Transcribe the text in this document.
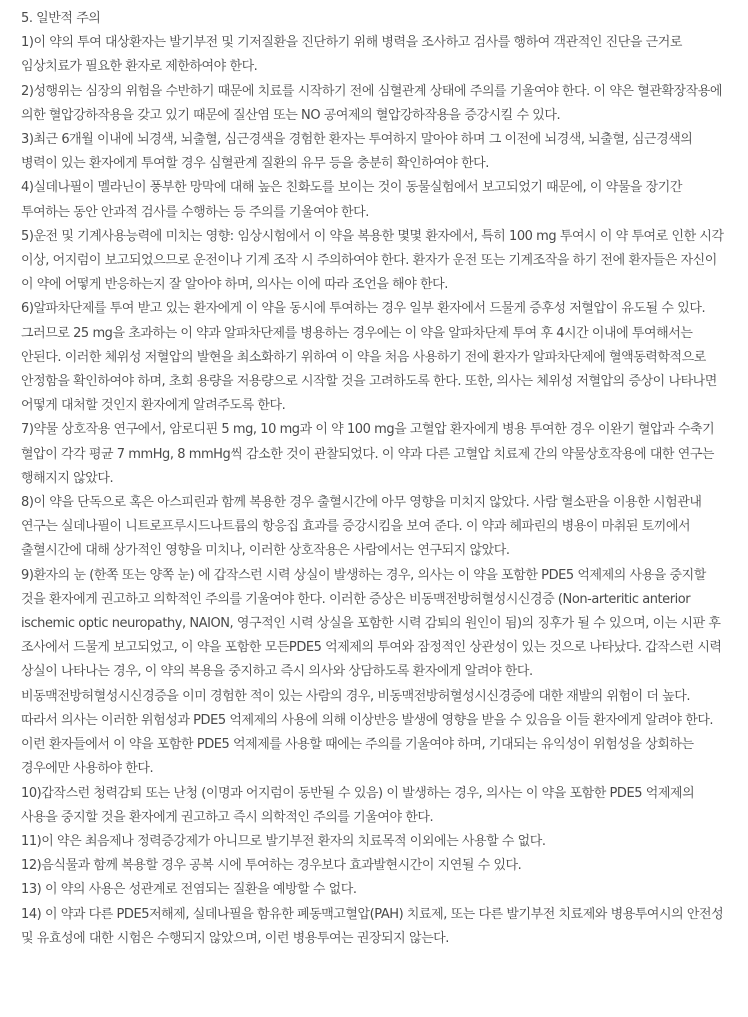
5. 일반적 주의

1)이 약의 투여 대상환자는 발기부전 및 기저질환을 진단하기 위해 병력을 조사하고 검사를 행하여 객관적인 진단을 근거로 임상치료가 필요한 환자로 제한하여야 한다.

2)성행위는 심장의 위험을 수반하기 때문에 치료를 시작하기 전에 심혈관계 상태에 주의를 기울여야 한다. 이 약은 혈관확장작용에 의한 혈압강하작용을 갖고 있기 때문에 질산염 또는 NO 공여제의 혈압강하작용을 증강시킬 수 있다.

3)최근 6개월 이내에 뇌경색, 뇌출혈, 심근경색을 경험한 환자는 투여하지 말아야 하며 그 이전에 뇌경색, 뇌출혈, 심근경색의 병력이 있는 환자에게 투여할 경우 심혈관계 질환의 유무 등을 충분히 확인하여야 한다.

4)실데나필이 멜라닌이 풍부한 망막에 대해 높은 친화도를 보이는 것이 동물실험에서 보고되었기 때문에, 이 약물을 장기간 투여하는 동안 안과적 검사를 수행하는 등 주의를 기울여야 한다.

5)운전 및 기계사용능력에 미치는 영향: 임상시험에서 이 약을 복용한 몇몇 환자에서, 특히 100 mg 투여시 이 약 투여로 인한 시각 이상, 어지럼이 보고되었으므로 운전이나 기계 조작 시 주의하여야 한다. 환자가 운전 또는 기계조작을 하기 전에 환자들은 자신이 이 약에 어떻게 반응하는지 잘 알아야 하며, 의사는 이에 따라 조언을 해야 한다.

6)알파차단제를 투여 받고 있는 환자에게 이 약을 동시에 투여하는 경우 일부 환자에서 드물게 증후성 저혈압이 유도될 수 있다. 그러므로 25 mg을 초과하는 이 약과 알파차단제를 병용하는 경우에는 이 약을 알파차단제 투여 후 4시간 이내에 투여해서는 안된다. 이러한 체위성 저혈압의 발현을 최소화하기 위하여 이 약을 처음 사용하기 전에 환자가 알파차단제에 혈액동력학적으로 안정함을 확인하여야 하며, 초회 용량을 저용량으로 시작할 것을 고려하도록 한다. 또한, 의사는 체위성 저혈압의 증상이 나타나면 어떻게 대처할 것인지 환자에게 알려주도록 한다.

7)약물 상호작용 연구에서, 암로디핀 5 mg, 10 mg과 이 약 100 mg을 고혈압 환자에게 병용 투여한 경우 이완기 혈압과 수축기 혈압이 각각 평균 7 mmHg, 8 mmHg씩 감소한 것이 관찰되었다. 이 약과 다른 고혈압 치료제 간의 약물상호작용에 대한 연구는 행해지지 않았다.

8)이 약을 단독으로 혹은 아스피린과 함께 복용한 경우 출혈시간에 아무 영향을 미치지 않았다. 사람 혈소판을 이용한 시험관내 연구는 실데나필이 니트로프루시드나트륨의 항응집 효과를 증강시킴을 보여 준다. 이 약과 헤파린의 병용이 마취된 토끼에서 출혈시간에 대해 상가적인 영향을 미치나, 이러한 상호작용은 사람에서는 연구되지 않았다.

9)환자의 눈 (한쪽 또는 양쪽 눈) 에 갑작스런 시력 상실이 발생하는 경우, 의사는 이 약을 포함한 PDE5 억제제의 사용을 중지할 것을 환자에게 권고하고 의학적인 주의를 기울여야 한다. 이러한 증상은 비동맥전방허혈성시신경증 (Non-arteritic anterior ischemic optic neuropathy, NAION, 영구적인 시력 상실을 포함한 시력 감퇴의 원인이 됨)의 징후가 될 수 있으며, 이는 시판 후 조사에서 드물게 보고되었고, 이 약을 포함한 모든PDE5 억제제의 투여와 잠정적인 상관성이 있는 것으로 나타났다. 갑작스런 시력 상실이 나타나는 경우, 이 약의 복용을 중지하고 즉시 의사와 상담하도록 환자에게 알려야 한다.

비동맥전방허혈성시신경증을 이미 경험한 적이 있는 사람의 경우, 비동맥전방허혈성시신경증에 대한 재발의 위험이 더 높다. 따라서 의사는 이러한 위험성과 PDE5 억제제의 사용에 의해 이상반응 발생에 영향을 받을 수 있음을 이들 환자에게 알려야 한다. 이런 환자들에서 이 약을 포함한 PDE5 억제제를 사용할 때에는 주의를 기울여야 하며, 기대되는 유익성이 위험성을 상회하는 경우에만 사용하야 한다.

10)갑작스런 청력감퇴 또는 난청 (이명과 어지럼이 동반될 수 있음) 이 발생하는 경우, 의사는 이 약을 포함한 PDE5 억제제의 사용을 중지할 것을 환자에게 권고하고 즉시 의학적인 주의를 기울여야 한다.

11)이 약은 최음제나 정력증강제가 아니므로 발기부전 환자의 치료목적 이외에는 사용할 수 없다.

12)음식물과 함께 복용할 경우 공복 시에 투여하는 경우보다 효과발현시간이 지연될 수 있다.

13) 이 약의 사용은 성관계로 전염되는 질환을 예방할 수 없다.

14) 이 약과 다른 PDE5저해제, 실데나필을 함유한 폐동맥고혈압(PAH) 치료제, 또는 다른 발기부전 치료제와 병용투여시의 안전성 및 유효성에 대한 시험은 수행되지 않았으며, 이런 병용투여는 권장되지 않는다.
